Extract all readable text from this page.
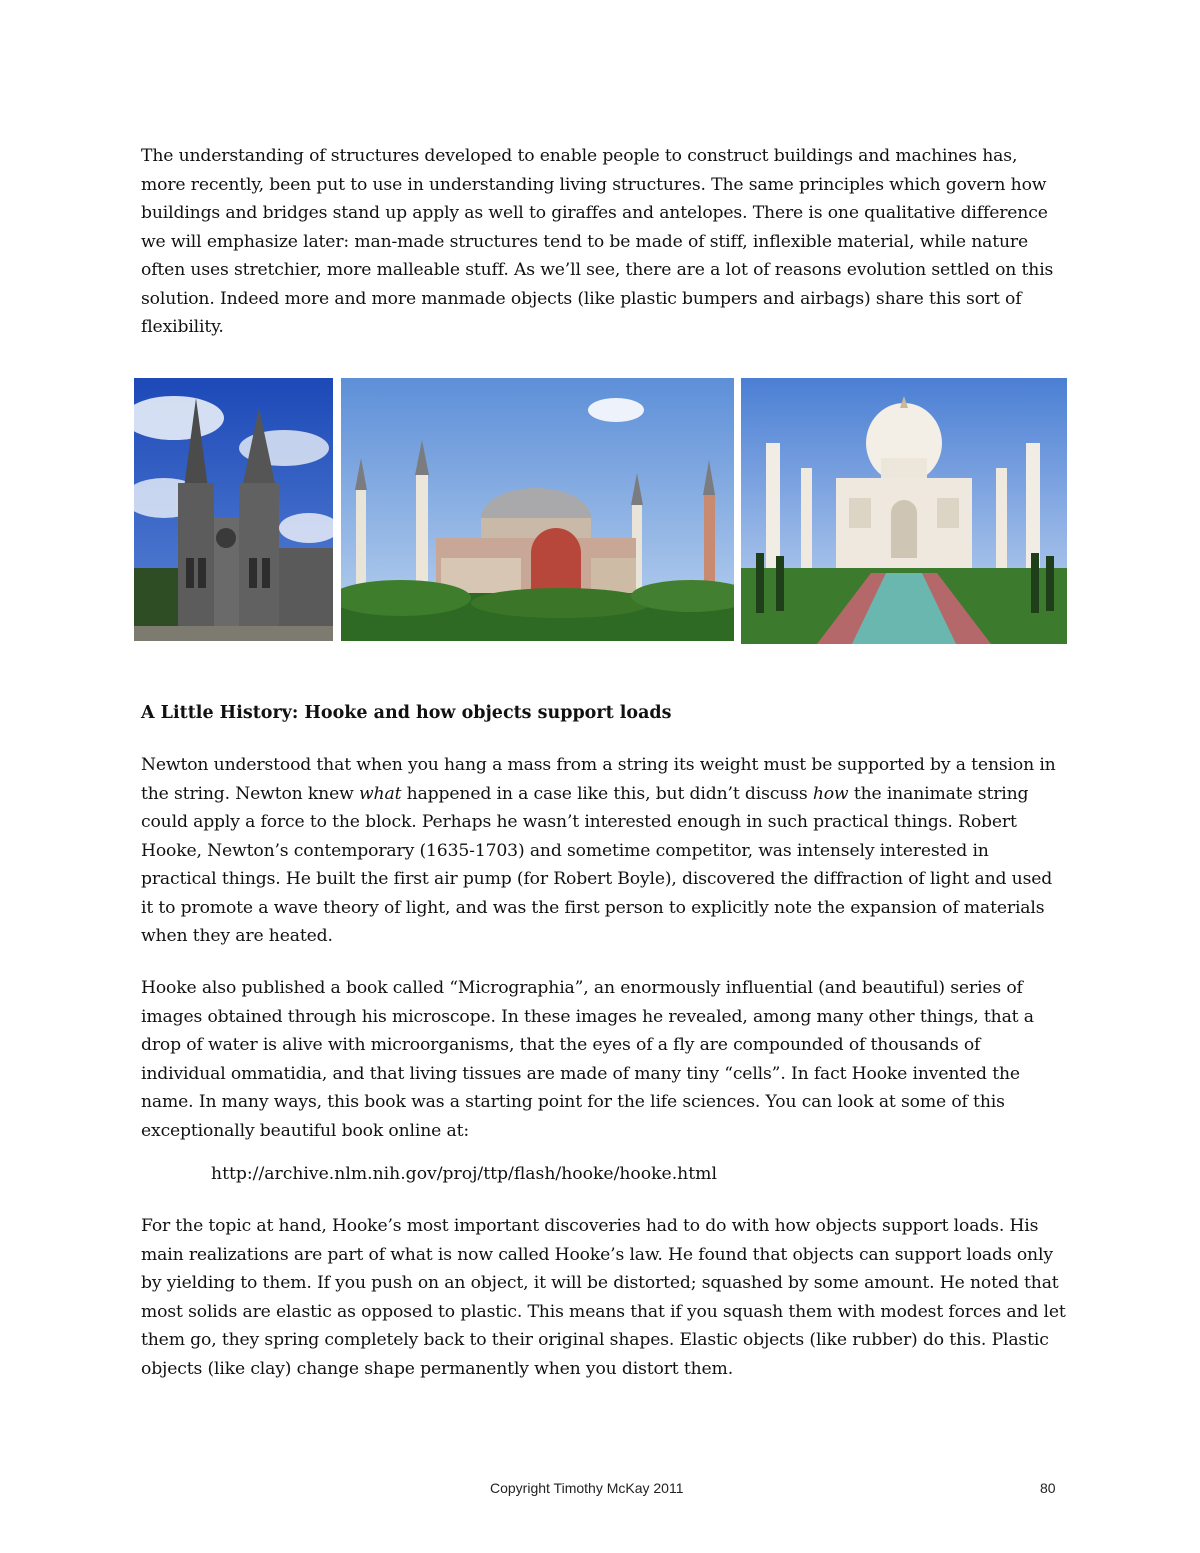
The understanding of structures developed to enable people to construct buildings and machines has, more recently, been put to use in understanding living structures. The same principles which govern how buildings and bridges stand up apply as well to giraffes and antelopes. There is one qualitative difference we will emphasize later: man-made structures tend to be made of stiff, inflexible material, while nature often uses stretchier, more malleable stuff. As we’ll see, there are a lot of reasons evolution settled on this solution. Indeed more and more manmade objects (like plastic bumpers and airbags) share this sort of flexibility.

A Little History: Hooke and how objects support loads

Newton understood that when you hang a mass from a string its weight must be supported by a tension in the string. Newton knew what happened in a case like this, but didn’t discuss how the inanimate string could apply a force to the block. Perhaps he wasn’t interested enough in such practical things. Robert Hooke, Newton’s contemporary (1635-1703) and sometime competitor, was intensely interested in practical things. He built the first air pump (for Robert Boyle), discovered the diffraction of light and used it to promote a wave theory of light, and was the first person to explicitly note the expansion of materials when they are heated.

Hooke also published a book called “Micrographia”, an enormously influential (and beautiful) series of images obtained through his microscope. In these images he revealed, among many other things, that a drop of water is alive with microorganisms, that the eyes of a fly are compounded of thousands of individual ommatidia, and that living tissues are made of many tiny “cells”. In fact Hooke invented the name. In many ways, this book was a starting point for the life sciences. You can look at some of this exceptionally beautiful book online at:

http://archive.nlm.nih.gov/proj/ttp/flash/hooke/hooke.html

For the topic at hand, Hooke’s most important discoveries had to do with how objects support loads. His main realizations are part of what is now called Hooke’s law. He found that objects can support loads only by yielding to them. If you push on an object, it will be distorted; squashed by some amount. He noted that most solids are elastic as opposed to plastic. This means that if you squash them with modest forces and let them go, they spring completely back to their original shapes. Elastic objects (like rubber) do this. Plastic objects (like clay) change shape permanently when you distort them.

Copyright Timothy McKay 2011	80
